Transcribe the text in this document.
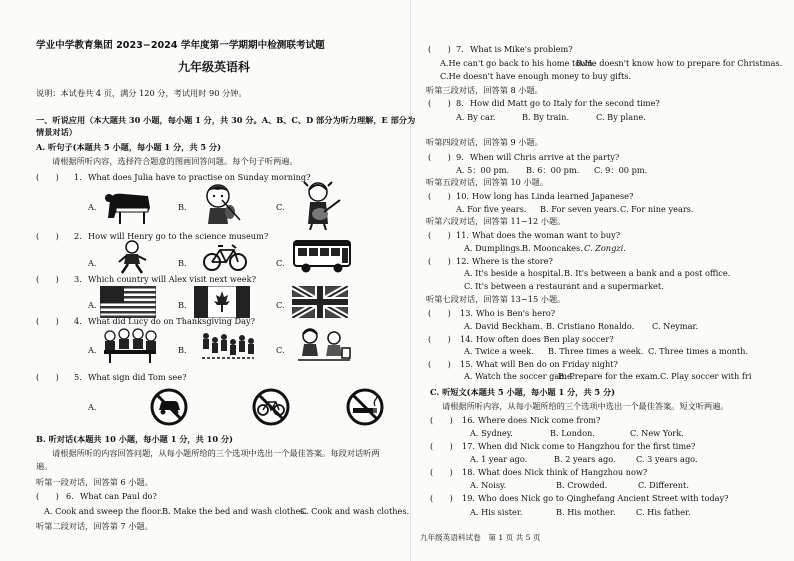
学业中学教育集团 2023−2024 学年度第一学期期中检测联考试题
九年级英语科
说明：本试卷共 4 页，满分 120 分，考试用时 90 分钟。
一、听说应用（本大题共 30 小题，每小题 1 分，共 30 分。A、B、C、D 部分为听力理解，E 部分为
情景对话）
A. 听句子(本题共 5 小题，每小题 1 分，共 5 分)
请根据所听内容，选择符合题意的图画回答问题。每个句子听两遍。
(　　) 1. What does Julia have to practise on Sunday morning?
A.	B.	C.
(　　) 2. How will Henry go to the science museum?
A.	B.	C.
(　　) 3. Which country will Alex visit next week?
A.	B.	C.
(　　) 4. What did Lucy do on Thanksgiving Day?
A.	B.	C.
(　　) 5. What sign did Tom see?
A.
B. 听对话(本题共 10 小题，每小题 1 分，共 10 分)
请根据所听的内容回答问题，从每小题所给的三个选项中选出一个最佳答案。每段对话听两
遍。
听第一段对话，回答第 6 小题。
(　　) 6. What can Paul do?
A. Cook and sweep the floor. B. Make the bed and wash clothes.
C. Cook and wash clothes.
听第二段对话，回答第 7 小题。
(　　) 7. What is Mike's problem?
A.He can't go back to his home town.
B.He doesn't know how to prepare for Christmas.
C.He doesn't have enough money to buy gifts.
听第三段对话，回答第 8 小题。
(　　) 8. How did Matt go to Italy for the second time?
A. By car.	B. By train.	C. By plane.
听第四段对话，回答第 9 小题。
(　　) 9. When will Chris arrive at the party?
A. 5：00 pm. B. 6：00 pm. C. 9：00 pm.
听第五段对话，回答第 10 小题。
(　　) 10. How long has Linda learned Japanese?
A. For five years. B. For seven years. C. For nine years.
听第六段对话，回答第 11−12 小题。
(　　) 11. What does the woman want to buy?
A. Dumplings. B. Mooncakes. C. Zongzi.
(　　) 12. Where is the store?
A. It's beside a hospital. B. It's between a bank and a post office.
C. It's between a restaurant and a supermarket.
听第七段对话，回答第 13−15 小题。
(　　) 13. Who is Ben's hero?
A. David Beckham. B. Cristiano Ronaldo. C. Neymar.
(　　) 14. How often does Ben play soccer?
A. Twice a week. B. Three times a week. C. Three times a month.
(　　) 15. What will Ben do on Friday night?
A. Watch the soccer game.
B. Prepare for the exam. C. Play soccer with fri
C. 听短文(本题共 5 小题，每小题 1 分，共 5 分)
请根据所听内容，从每小题所给的三个选项中选出一个最佳答案。短文听两遍。
(　　) 16. Where does Nick come from?
A. Sydney.	B. London.	C. New York.
(　　) 17. When did Nick come to Hangzhou for the first time?
A. 1 year ago.	B. 2 years ago. C. 3 years ago.
(　　) 18. What does Nick think of Hangzhou now?
A. Noisy.	B. Crowded.	C. Different.
(　　) 19. Who does Nick go to Qinghefang Ancient Street with today?
A. His sister.	B. His mother. C. His father.
九年级英语科试卷　第 1 页 共 5 页
